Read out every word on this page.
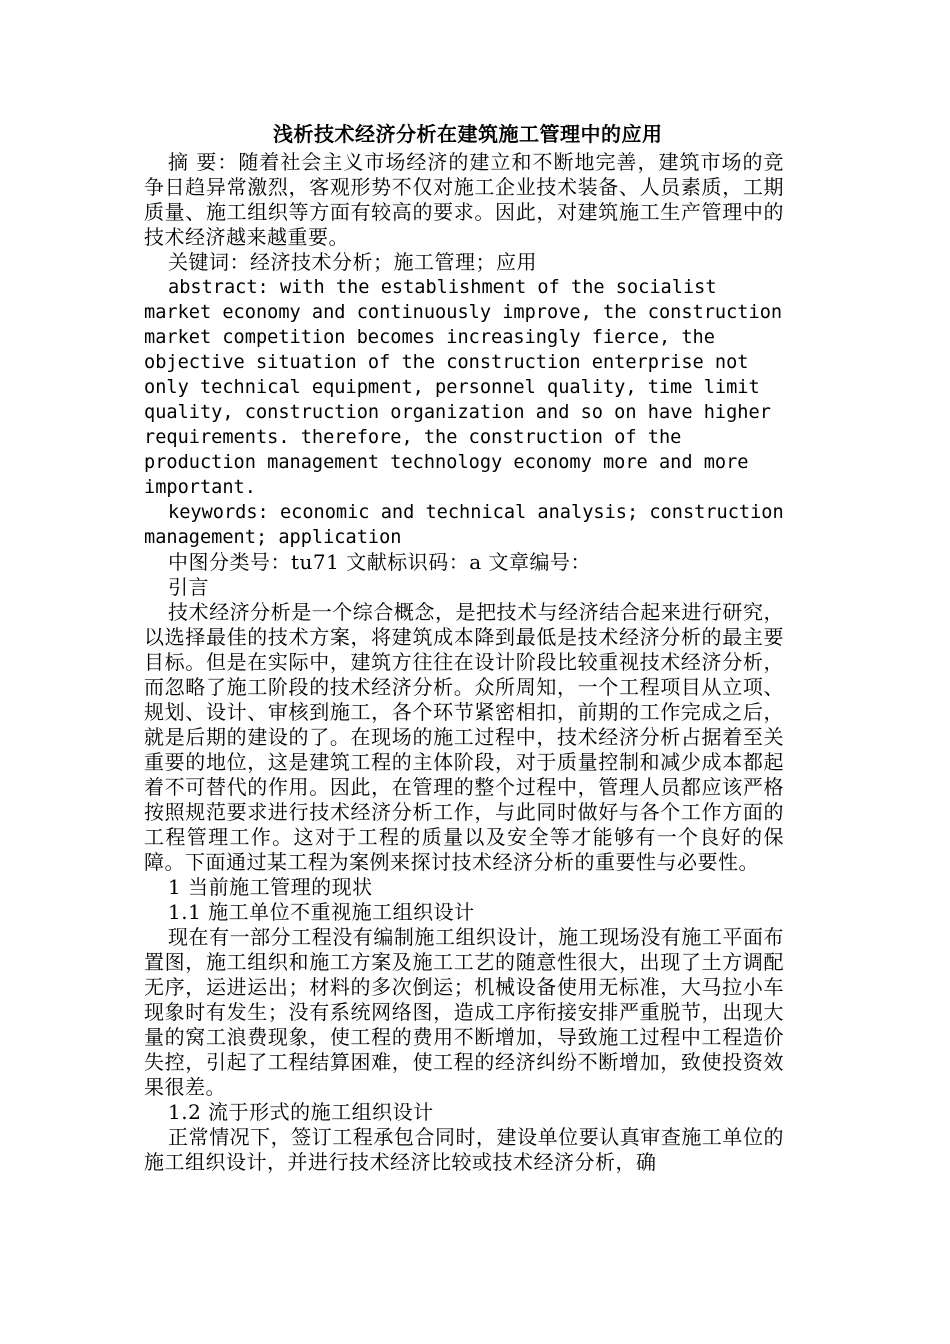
浅析技术经济分析在建筑施工管理中的应用

摘 要：随着社会主义市场经济的建立和不断地完善，建筑市场的竞争日趋异常激烈，客观形势不仅对施工企业技术装备、人员素质，工期质量、施工组织等方面有较高的要求。因此，对建筑施工生产管理中的技术经济越来越重要。

关键词：经济技术分析；施工管理；应用

abstract: with the establishment of the socialist market economy and continuously improve, the construction market competition becomes increasingly fierce, the objective situation of the construction enterprise not only technical equipment, personnel quality, time limit quality, construction organization and so on have higher requirements. therefore, the construction of the production management technology economy more and more important.

keywords: economic and technical analysis; construction management; application

中图分类号：tu71 文献标识码：a 文章编号：

引言

技术经济分析是一个综合概念，是把技术与经济结合起来进行研究，以选择最佳的技术方案，将建筑成本降到最低是技术经济分析的最主要目标。但是在实际中，建筑方往往在设计阶段比较重视技术经济分析，而忽略了施工阶段的技术经济分析。众所周知，一个工程项目从立项、规划、设计、审核到施工，各个环节紧密相扣，前期的工作完成之后，就是后期的建设的了。在现场的施工过程中，技术经济分析占据着至关重要的地位，这是建筑工程的主体阶段，对于质量控制和减少成本都起着不可替代的作用。因此，在管理的整个过程中，管理人员都应该严格按照规范要求进行技术经济分析工作，与此同时做好与各个工作方面的工程管理工作。这对于工程的质量以及安全等才能够有一个良好的保障。下面通过某工程为案例来探讨技术经济分析的重要性与必要性。

1 当前施工管理的现状

1.1 施工单位不重视施工组织设计

现在有一部分工程没有编制施工组织设计，施工现场没有施工平面布置图，施工组织和施工方案及施工工艺的随意性很大，出现了土方调配无序，运进运出；材料的多次倒运；机械设备使用无标准，大马拉小车现象时有发生；没有系统网络图，造成工序衔接安排严重脱节，出现大量的窝工浪费现象，使工程的费用不断增加，导致施工过程中工程造价失控，引起了工程结算困难，使工程的经济纠纷不断增加，致使投资效果很差。

1.2 流于形式的施工组织设计

正常情况下，签订工程承包合同时，建设单位要认真审查施工单位的施工组织设计，并进行技术经济比较或技术经济分析，确
